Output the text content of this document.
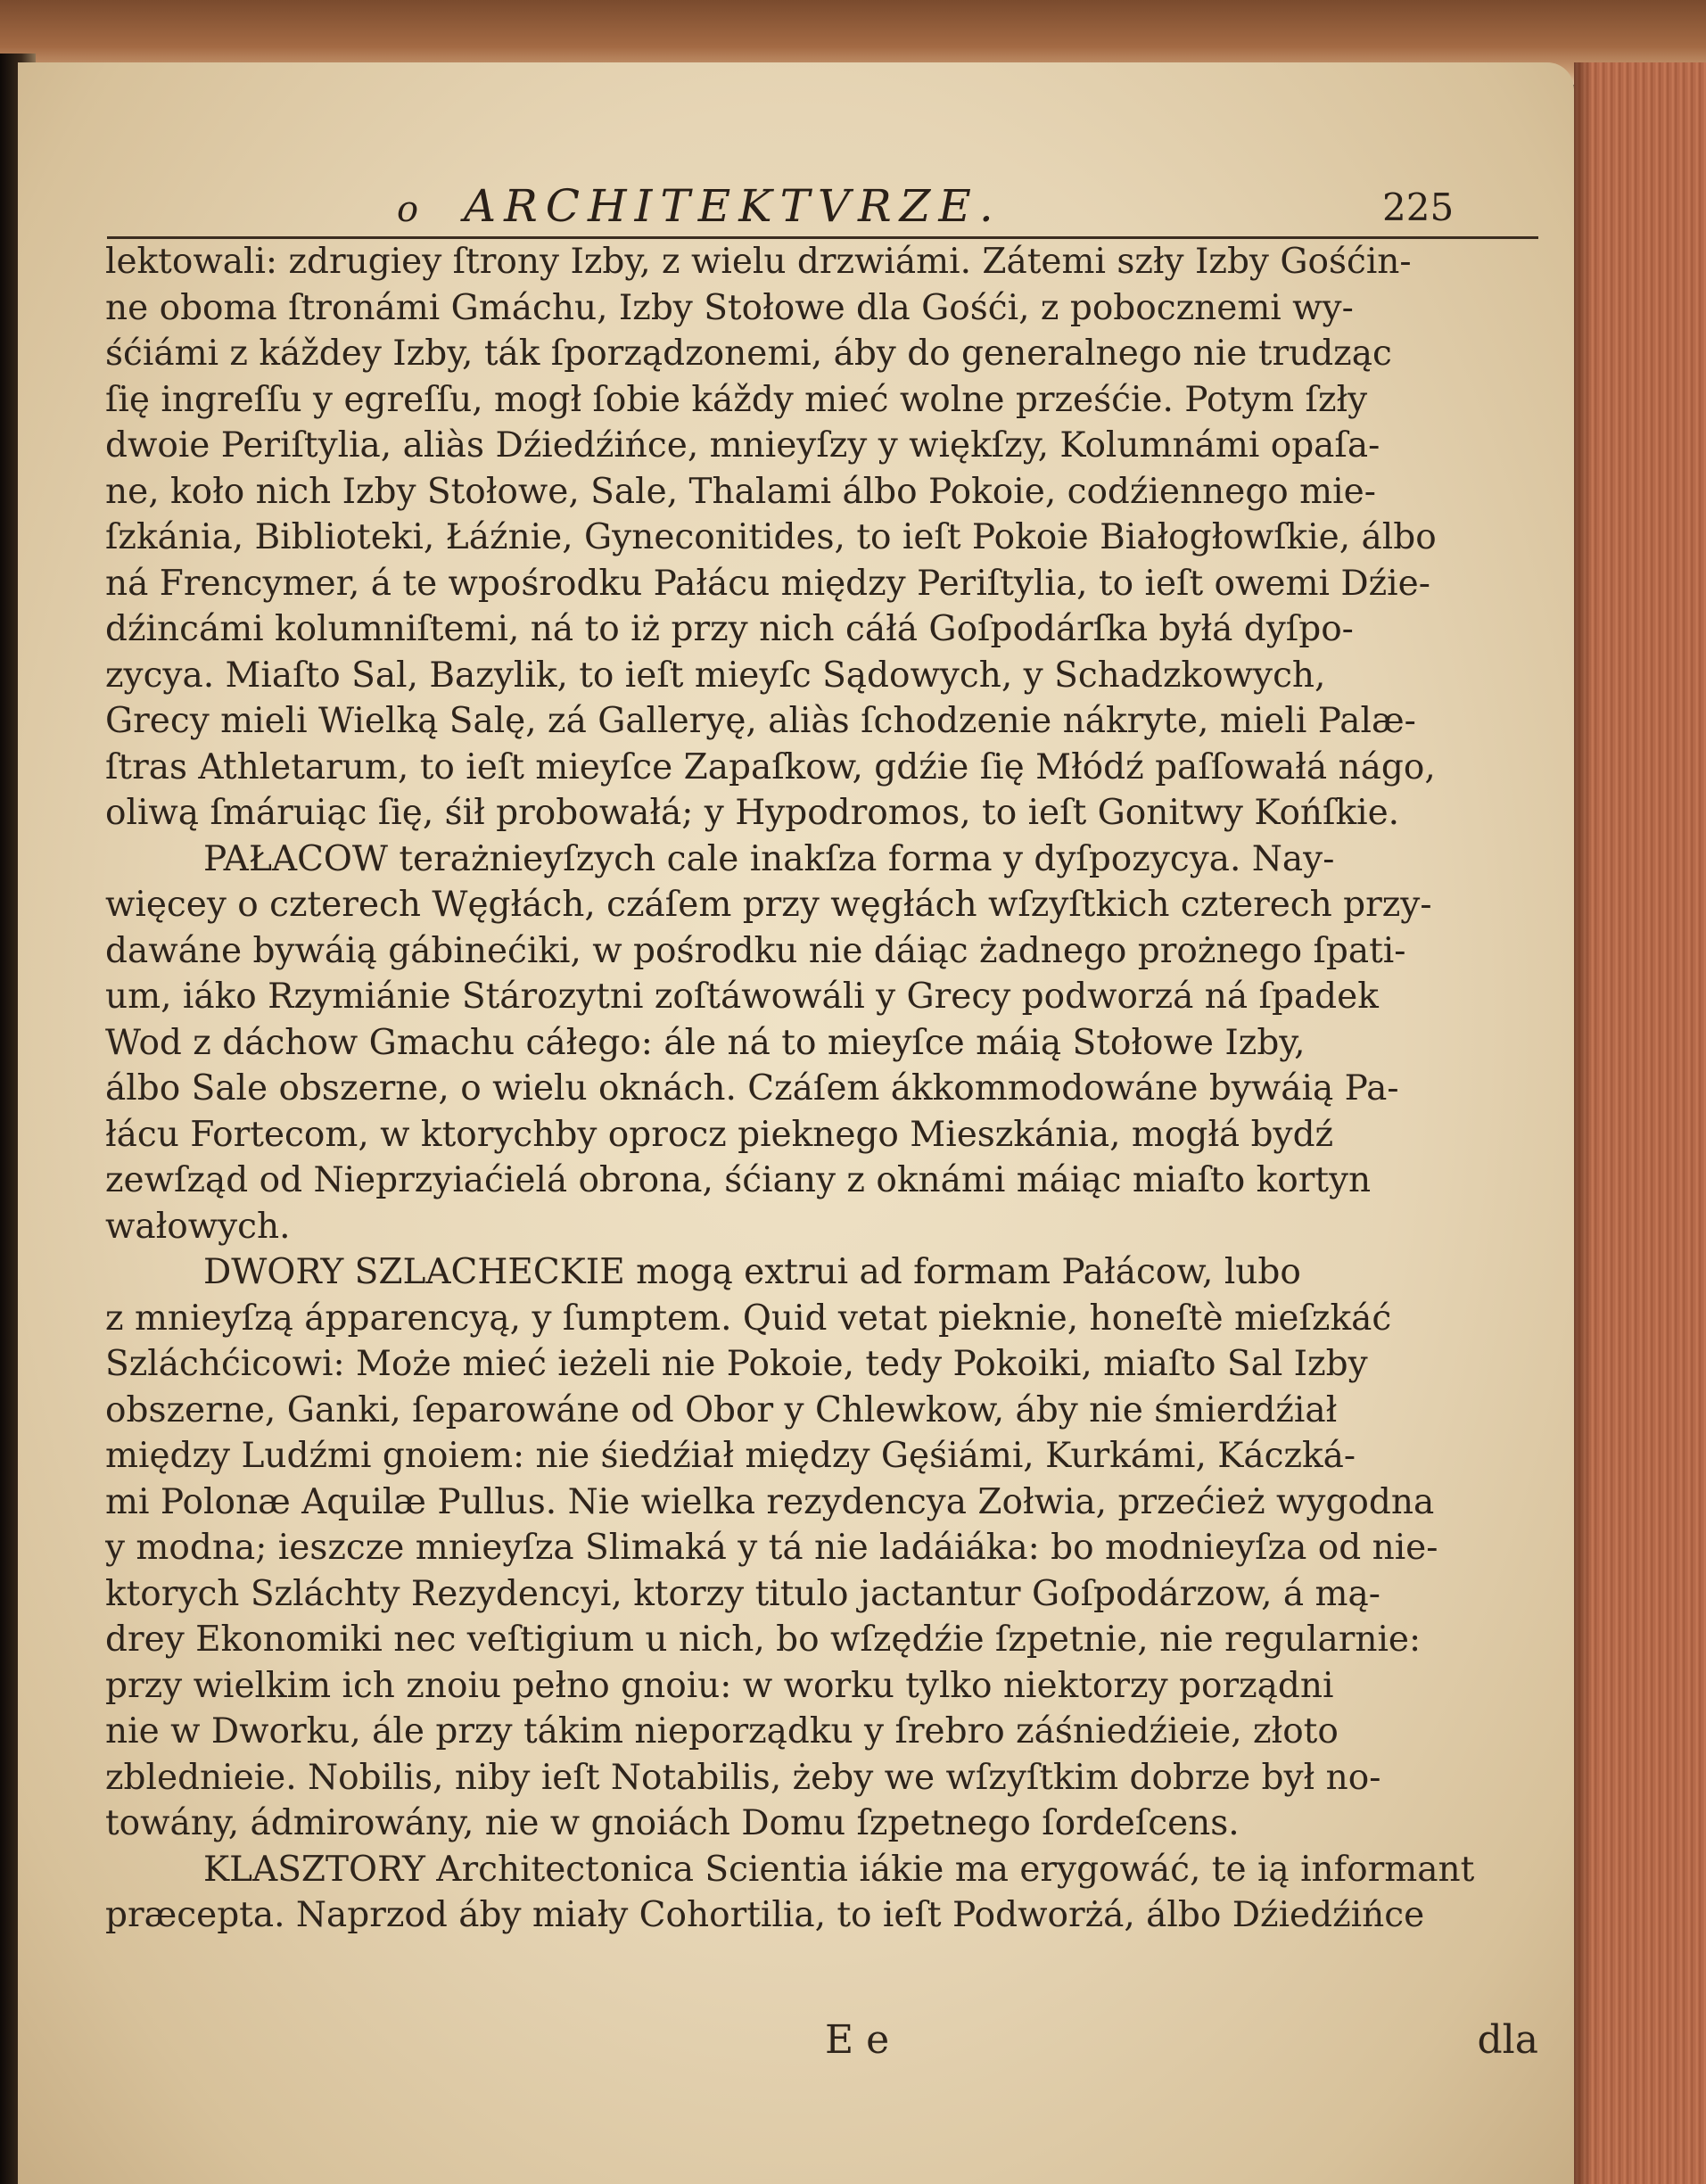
o ARCHITEKTVRZE.	225
lektowali: zdrugiey ſtrony Izby, z wielu drzwiámi. Zátemi szły Izby Gośćin-
ne oboma ſtronámi Gmáchu, Izby Stołowe dla Gośći, z pobocznemi wy-
śćiámi z káždey Izby, ták ſporządzonemi, áby do generalnego nie trudząc
ſię ingreſſu y egreſſu, mogł ſobie káždy mieć wolne prześćie. Potym ſzły
dwoie Periſtylia, aliàs Dźiedźińce, mnieyſzy y więkſzy, Kolumnámi opaſa-
ne, koło nich Izby Stołowe, Sale, Thalami álbo Pokoie, codźiennego mie-
ſzkánia, Biblioteki, Łáźnie, Gyneconitides, to ieſt Pokoie Białogłowſkie, álbo
ná Frencymer, á te wpośrodku Pałácu między Periſtylia, to ieſt owemi Dźie-
dźincámi kolumniſtemi, ná to iż przy nich cáłá Goſpodárſka byłá dyſpo-
zycya. Miaſto Sal, Bazylik, to ieſt mieyſc Sądowych, y Schadzkowych,
Grecy mieli Wielką Salę, zá Galleryę, aliàs ſchodzenie nákryte, mieli Palæ-
ſtras Athletarum, to ieſt mieyſce Zapaſkow, gdźie ſię Młódź paſſowałá nágo,
oliwą ſmáruiąc ſię, śił probowałá; y Hypodromos, to ieſt Gonitwy Końſkie.
PAŁACOW terażnieyſzych cale inakſza forma y dyſpozycya. Nay-
więcey o czterech Węgłách, czáſem przy węgłách wſzyſtkich czterech przy-
dawáne bywáią gábinećiki, w pośrodku nie dáiąc żadnego prożnego ſpati-
um, iáko Rzymiánie Stározytni zoſtáwowáli y Grecy podworzá ná ſpadek
Wod z dáchow Gmachu cáłego: ále ná to mieyſce máią Stołowe Izby,
álbo Sale obszerne, o wielu oknách. Czáſem ákkommodowáne bywáią Pa-
łácu Fortecom, w ktorychby oprocz pieknego Mieszkánia, mogłá bydź
zewſząd od Nieprzyiaćielá obrona, śćiany z oknámi máiąc miaſto kortyn
wałowych.
DWORY SZLACHECKIE mogą extrui ad formam Pałácow, lubo
z mnieyſzą ápparencyą, y ſumptem. Quid vetat pieknie, honeſtè mieſzkáć
Szláchćicowi: Może mieć ieżeli nie Pokoie, tedy Pokoiki, miaſto Sal Izby
obszerne, Ganki, ſeparowáne od Obor y Chlewkow, áby nie śmierdźiał
między Ludźmi gnoiem: nie śiedźiał między Gęśiámi, Kurkámi, Káczká-
mi Polonæ Aquilæ Pullus. Nie wielka rezydencya Zołwia, przećież wygodna
y modna; ieszcze mnieyſza Slimaká y tá nie ladáiáka: bo modnieyſza od nie-
ktorych Szláchty Rezydencyi, ktorzy titulo jactantur Goſpodárzow, á mą-
drey Ekonomiki nec veſtigium u nich, bo wſzędźie ſzpetnie, nie regularnie:
przy wielkim ich znoiu pełno gnoiu: w worku tylko niektorzy porządni
nie w Dworku, ále przy tákim nieporządku y ſrebro záśniedźieie, złoto
zblednieie. Nobilis, niby ieſt Notabilis, żeby we wſzyſtkim dobrze był no-
towány, ádmirowány, nie w gnoiách Domu ſzpetnego ſordeſcens.
KLASZTORY Architectonica Scientia iákie ma erygowáć, te ią informant
præcepta. Naprzod áby miały Cohortilia, to ieſt Podworżá, álbo Dźiedźińce
E e	dla
